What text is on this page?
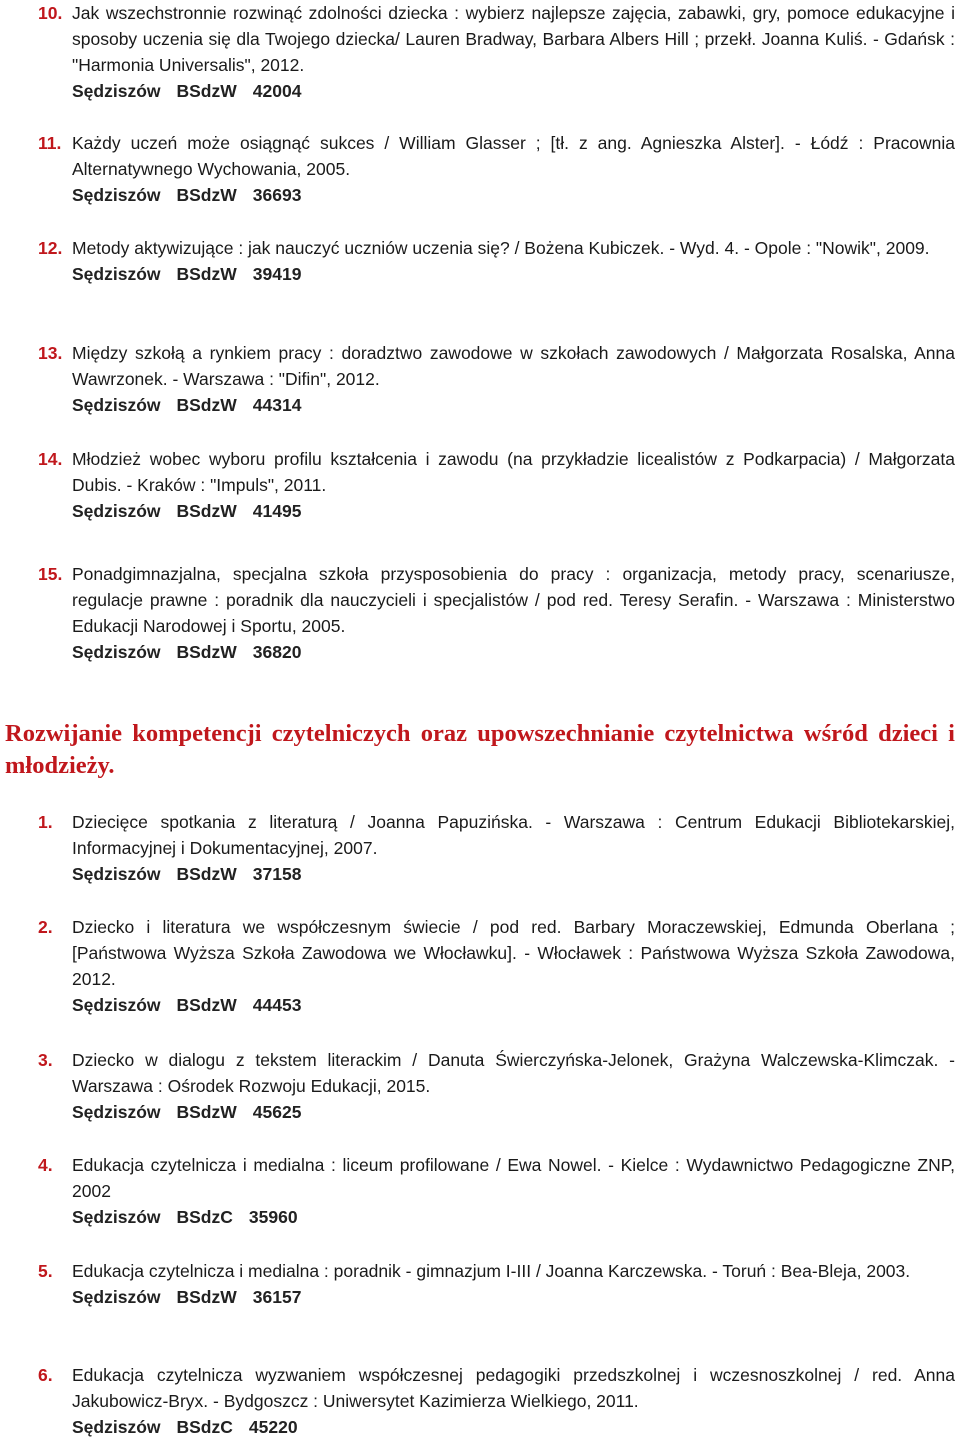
10. Jak wszechstronnie rozwinąć zdolności dziecka : wybierz najlepsze zajęcia, zabawki, gry, pomoce edukacyjne i sposoby uczenia się dla Twojego dziecka/ Lauren Bradway, Barbara Albers Hill ; przekł. Joanna Kuliś. - Gdańsk : "Harmonia Universalis", 2012.
Sędziszów BSdzW 42004
11. Każdy uczeń może osiągnąć sukces / William Glasser ; [tł. z ang. Agnieszka Alster]. - Łódź : Pracownia Alternatywnego Wychowania, 2005.
Sędziszów BSdzW 36693
12. Metody aktywizujące : jak nauczyć uczniów uczenia się? / Bożena Kubiczek. - Wyd. 4. - Opole : "Nowik", 2009.
Sędziszów BSdzW 39419
13. Między szkołą a rynkiem pracy : doradztwo zawodowe w szkołach zawodowych / Małgorzata Rosalska, Anna Wawrzonek. - Warszawa : "Difin", 2012.
Sędziszów BSdzW 44314
14. Młodzież wobec wyboru profilu kształcenia i zawodu (na przykładzie licealistów z Podkarpacia) / Małgorzata Dubis. - Kraków : "Impuls", 2011.
Sędziszów BSdzW 41495
15. Ponadgimnazjalna, specjalna szkoła przysposobienia do pracy : organizacja, metody pracy, scenariusze, regulacje prawne : poradnik dla nauczycieli i specjalistów / pod red. Teresy Serafin. - Warszawa : Ministerstwo Edukacji Narodowej i Sportu, 2005.
Sędziszów BSdzW 36820
Rozwijanie kompetencji czytelniczych oraz upowszechnianie czytelnictwa wśród dzieci i młodzieży.
1. Dziecięce spotkania z literaturą / Joanna Papuzińska. - Warszawa : Centrum Edukacji Bibliotekarskiej, Informacyjnej i Dokumentacyjnej, 2007.
Sędziszów BSdzW 37158
2. Dziecko i literatura we współczesnym świecie / pod red. Barbary Moraczewskiej, Edmunda Oberlana ; [Państwowa Wyższa Szkoła Zawodowa we Włocławku]. - Włocławek : Państwowa Wyższa Szkoła Zawodowa, 2012.
Sędziszów BSdzW 44453
3. Dziecko w dialogu z tekstem literackim / Danuta Świerczyńska-Jelonek, Grażyna Walczewska-Klimczak. - Warszawa : Ośrodek Rozwoju Edukacji, 2015.
Sędziszów BSdzW 45625
4. Edukacja czytelnicza i medialna : liceum profilowane / Ewa Nowel. - Kielce : Wydawnictwo Pedagogiczne ZNP, 2002
Sędziszów BSdzC 35960
5. Edukacja czytelnicza i medialna : poradnik - gimnazjum I-III / Joanna Karczewska. - Toruń : Bea-Bleja, 2003.
Sędziszów BSdzW 36157
6. Edukacja czytelnicza wyzwaniem współczesnej pedagogiki przedszkolnej i wczesnoszkolnej / red. Anna Jakubowicz-Bryx. - Bydgoszcz : Uniwersytet Kazimierza Wielkiego, 2011.
Sędziszów BSdzC 45220
